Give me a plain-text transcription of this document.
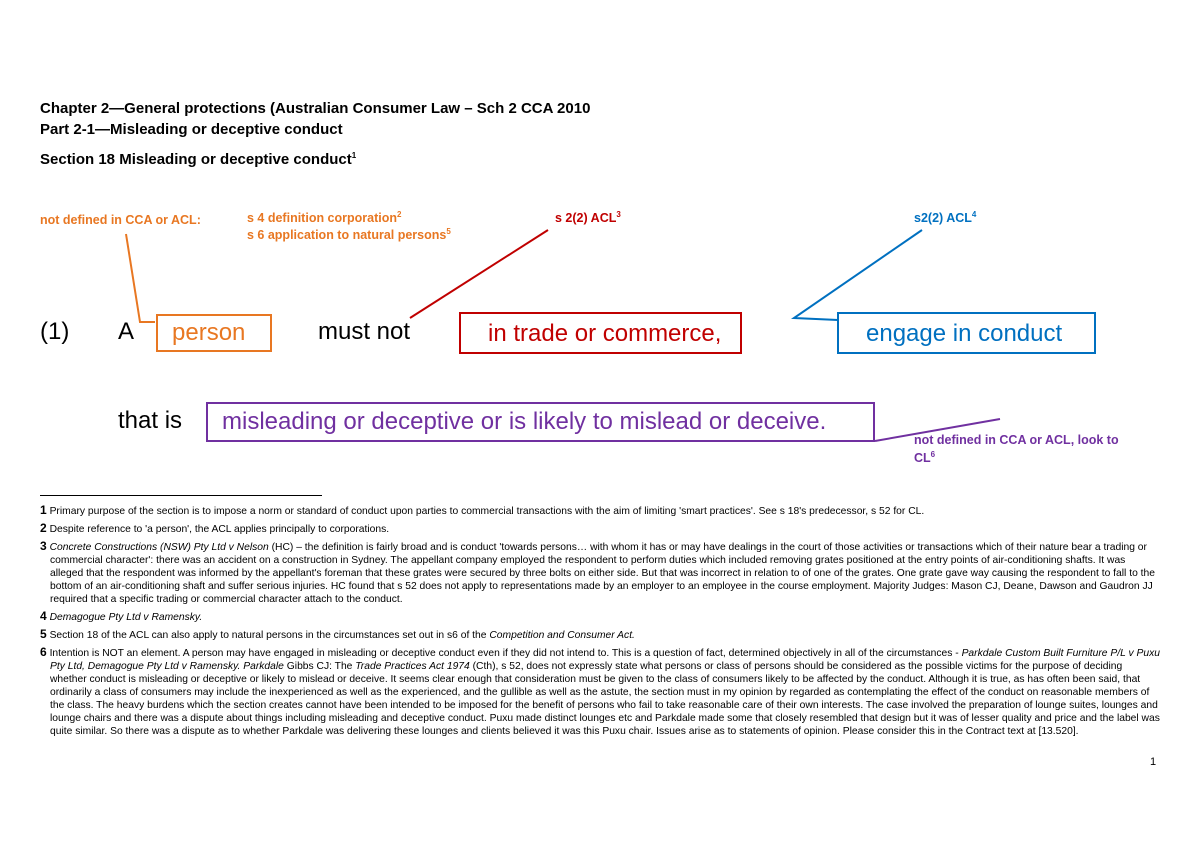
Chapter 2—General protections (Australian Consumer Law – Sch 2 CCA 2010
Part 2-1—Misleading or deceptive conduct
Section 18 Misleading or deceptive conduct$^1$
not defined in CCA or ACL:	s 4 definition corporation$^2$
s 6 application to natural persons$^5$
s 2(2) ACL$^3$	s2(2) ACL$^4$
not defined in CCA or ACL, look to
$CL^6$
(1) A person	must not	in trade or commerce,	engage in conduct
that is misleading or deceptive or is likely to mislead or deceive.

1 Primary purpose of the section is to impose a norm or standard of conduct upon parties to commercial transactions with the aim of limiting 'smart practices'. See s 18's predecessor, s 52 for CL.

2 Despite reference to 'a person', the ACL applies principally to corporations.

3 Concrete Constructions (NSW) Pty Ltd v Nelson (HC) – the definition is fairly broad and is conduct 'towards persons… with whom it has or may have dealings in the court of those activities or transactions which of their nature bear a trading or commercial character': there was an accident on a construction in Sydney. The appellant company employed the respondent to perform duties which included removing grates positioned at the entry points of air-conditioning shafts. It was alleged that the respondent was informed by the appellant's foreman that these grates were secured by three bolts on either side. But that was incorrect in relation to of one of the grates. One grate gave way causing the respondent to fall to the bottom of an air-conditioning shaft and suffer serious injuries. HC found that s 52 does not apply to representations made by an employer to an employee in the course employment. Majority Judges: Mason CJ, Deane, Dawson and Gaudron JJ required that a specific trading or commercial character attach to the conduct.

4 Demagogue Pty Ltd v Ramensky.

5 Section 18 of the ACL can also apply to natural persons in the circumstances set out in s6 of the Competition and Consumer Act.

6 Intention is NOT an element. A person may have engaged in misleading or deceptive conduct even if they did not intend to. This is a question of fact, determined objectively in all of the circumstances - Parkdale Custom Built Furniture P/L v Puxu Pty Ltd, Demagogue Pty Ltd v Ramensky. Parkdale Gibbs CJ: The Trade Practices Act 1974 (Cth), s 52, does not expressly state what persons or class of persons should be considered as the possible victims for the purpose of deciding whether conduct is misleading or deceptive or likely to mislead or deceive. It seems clear enough that consideration must be given to the class of consumers likely to be affected by the conduct. Although it is true, as has often been said, that ordinarily a class of consumers may include the inexperienced as well as the experienced, and the gullible as well as the astute, the section must in my opinion by regarded as contemplating the effect of the conduct on reasonable members of the class. The heavy burdens which the section creates cannot have been intended to be imposed for the benefit of persons who fail to take reasonable care of their own interests. The case involved the preparation of lounge suites, lounges and lounge chairs and there was a dispute about things including misleading and deceptive conduct. Puxu made distinct lounges etc and Parkdale made some that closely resembled that design but it was of lesser quality and price and the label was quite similar. So there was a dispute as to whether Parkdale was delivering these lounges and clients believed it was this Puxu chair. Issues arise as to statements of opinion. Please consider this in the Contract text at [13.520].

1
